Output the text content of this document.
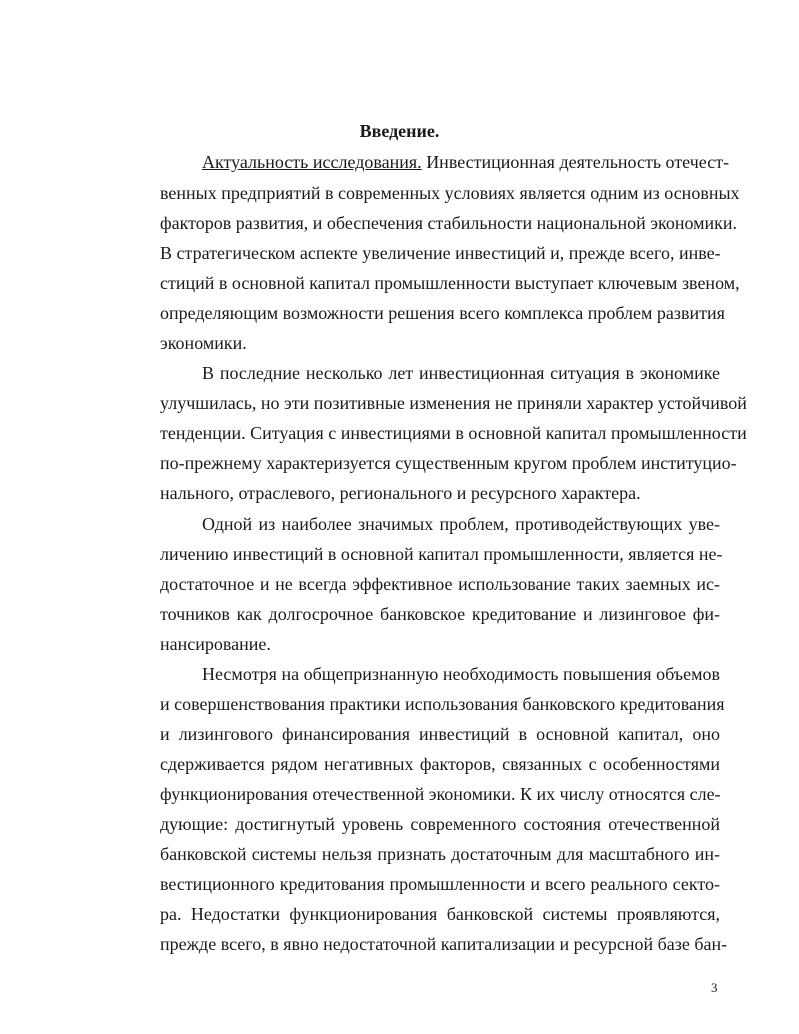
Введение.
Актуальность исследования. Инвестиционная деятельность отечест-
венных предприятий в современных условиях является одним из основных
факторов развития, и обеспечения стабильности национальной экономики.
В стратегическом аспекте увеличение инвестиций и, прежде всего, инве-
стиций в основной капитал промышленности выступает ключевым звеном,
определяющим возможности решения всего комплекса проблем развития
экономики.
В последние несколько лет инвестиционная ситуация в экономике
улучшилась, но эти позитивные изменения не приняли характер устойчивой
тенденции. Ситуация с инвестициями в основной капитал промышленности
по-прежнему характеризуется существенным кругом проблем институцио-
нального, отраслевого, регионального и ресурсного характера.
Одной из наиболее значимых проблем, противодействующих уве-
личению инвестиций в основной капитал промышленности, является не-
достаточное и не всегда эффективное использование таких заемных ис-
точников как долгосрочное банковское кредитование и лизинговое фи-
нансирование.
Несмотря на общепризнанную необходимость повышения объемов
и совершенствования практики использования банковского кредитования
и лизингового финансирования инвестиций в основной капитал, оно
сдерживается рядом негативных факторов, связанных с особенностями
функционирования отечественной экономики. К их числу относятся сле-
дующие: достигнутый уровень современного состояния отечественной
банковской системы нельзя признать достаточным для масштабного ин-
вестиционного кредитования промышленности и всего реального секто-
ра. Недостатки функционирования банковской системы проявляются,
прежде всего, в явно недостаточной капитализации и ресурсной базе бан-
3
